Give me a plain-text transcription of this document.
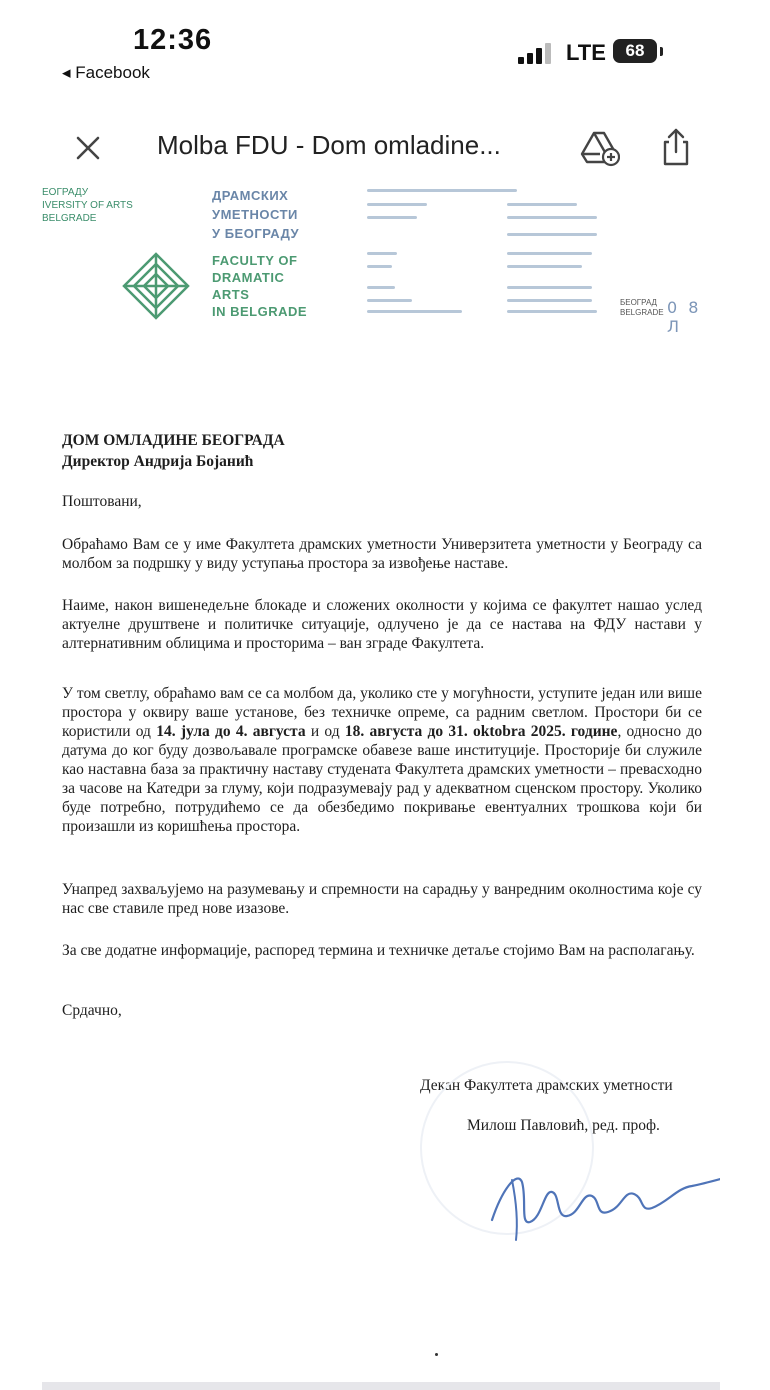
12:36
◂ Facebook
LTE	68
Molba FDU - Dom omladine...
ЕОГРАДУ
IVERSITY OF ARTS
BELGRADE
ДРАМСКИХ
УМЕТНОСТИ
У БЕОГРАДУ
FACULTY OF
DRAMATIC
ARTS
IN BELGRADE
БЕОГРАД
BELGRADE 0 8 Л

ДОМ ОМЛАДИНЕ БЕОГРАДА

Директор Андрија Бојанић

Поштовани,

Обраћамо Вам се у име Факултета драмских уметности Универзитета уметности у Београду са молбом за подршку у виду уступања простора за извођење наставе.

Наиме, након вишенедељне блокаде и сложених околности у којима се факултет нашао услед актуелне друштвене и политичке ситуације, одлучено је да се настава на ФДУ настави у алтернативним облицима и просторима – ван зграде Факултета.

У том светлу, обраћамо вам се са молбом да, уколико сте у могућности, уступите један или више простора у оквиру ваше установе, без техничке опреме, са радним светлом. Простори би се користили од 14. јула до 4. августа и од 18. августа до 31. oktobra 2025. године, односно до датума до ког буду дозвољавале програмске обавезе ваше институције. Просторије би служиле као наставна база за практичну наставу студената Факултета драмских уметности – превасходно за часове на Катедри за глуму, који подразумевају рад у адекватном сценском простору. Уколико буде потребно, потрудићемо се да обезбедимо покривање евентуалних трошкова који би произашли из коришћења простора.

Унапред захваљујемо на разумевању и спремности на сарадњу у ванредним околностима које су нас све ставиле пред нове изазове.

За све додатне информације, распоред термина и техничке детаље стојимо Вам на располагању.

Срдачно,

Декан Факултета драмских уметности

Милош Павловић, ред. проф.
